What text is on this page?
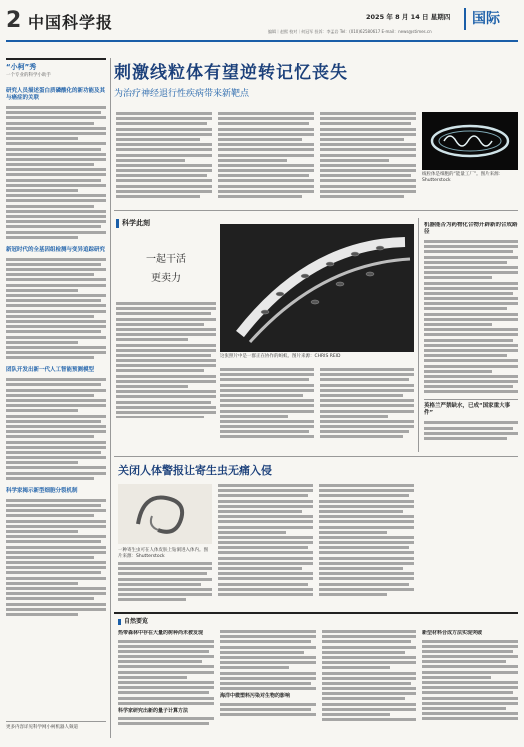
2 中国科学报	2025 年 8 月 14 日 星期四
编辑｜赵熙 校对｜何冠军 投诉：李孟岩 Tel：(010)62580617 E-mail：news@stimes.cn
国际
“小柯”秀
一个专业的科学小助手
研究人员描述蛋白质磷酸化的新功能及其与癌症的关联
新冠时代的全基因组检测与变异追踪研究
团队开发出新一代人工智能预测模型
科学家揭示新型细胞分裂机制
更多内容详见科学网小柯机器人频道
刺激线粒体有望逆转记忆丧失
为治疗神经退行性疾病带来新靶点
线粒体是细胞的“能量工厂”。图片来源：Shutterstock
科学此刻
一起干活
更卖力
这张照片中是一群正在协作的蚂蚁。图片来源：CHRIS REID
机器能否为药物化合物开辟新的合成路径
英格兰严禁缺水，已成“国家重大事件”
关闭人体警报让寄生虫无痛入侵
一种寄生虫可在人体皮肤上钻洞进入体内。图片来源：Shutterstock
自然要览
热带森林中存在大量的树种尚未被发现
科学家研究出新的量子计算方法
海洋中微塑料污染对生物的影响
新型材料合成方法实现突破
